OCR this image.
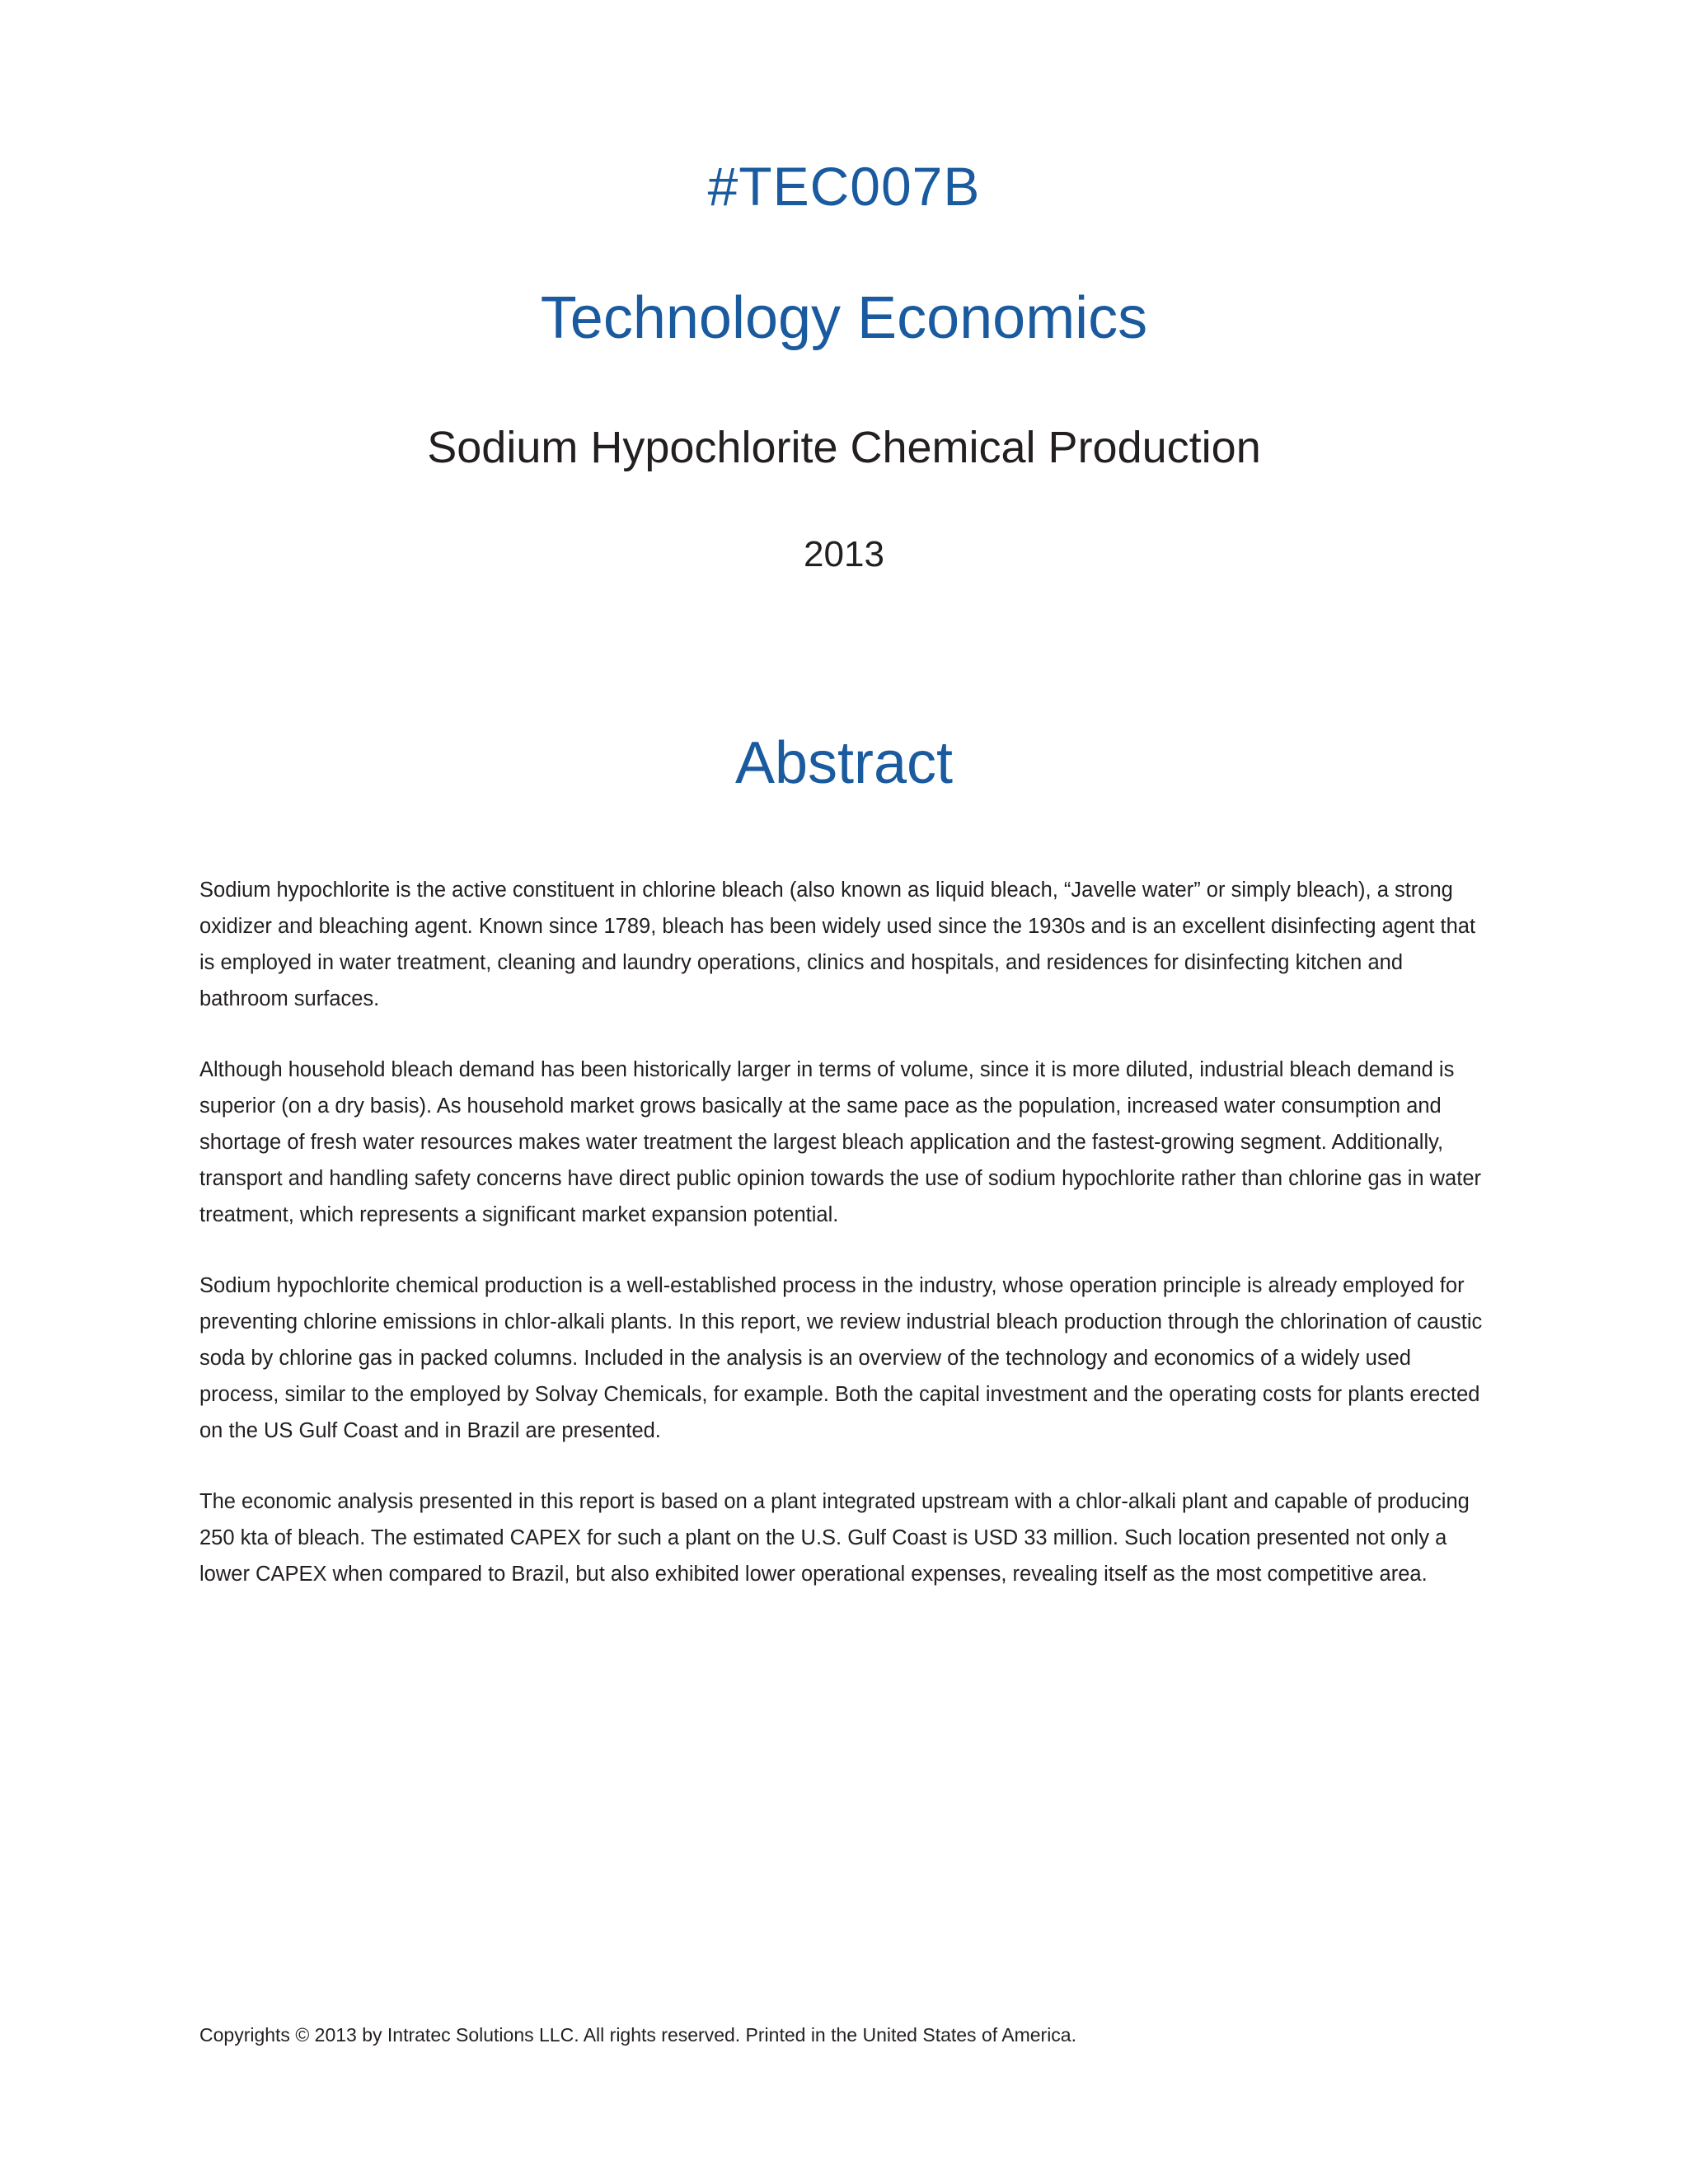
#TEC007B
Technology Economics
Sodium Hypochlorite Chemical Production
2013
Abstract

Sodium hypochlorite is the active constituent in chlorine bleach (also known as liquid bleach, “Javelle water” or simply bleach), a strong oxidizer and bleaching agent. Known since 1789, bleach has been widely used since the 1930s and is an excellent disinfecting agent that is employed in water treatment, cleaning and laundry operations, clinics and hospitals, and residences for disinfecting kitchen and bathroom surfaces.

Although household bleach demand has been historically larger in terms of volume, since it is more diluted, industrial bleach demand is superior (on a dry basis). As household market grows basically at the same pace as the population, increased water consumption and shortage of fresh water resources makes water treatment the largest bleach application and the fastest-growing segment. Additionally, transport and handling safety concerns have direct public opinion towards the use of sodium hypochlorite rather than chlorine gas in water treatment, which represents a significant market expansion potential.

Sodium hypochlorite chemical production is a well-established process in the industry, whose operation principle is already employed for preventing chlorine emissions in chlor-alkali plants. In this report, we review industrial bleach production through the chlorination of caustic soda by chlorine gas in packed columns. Included in the analysis is an overview of the technology and economics of a widely used process, similar to the employed by Solvay Chemicals, for example. Both the capital investment and the operating costs for plants erected on the US Gulf Coast and in Brazil are presented.

The economic analysis presented in this report is based on a plant integrated upstream with a chlor-alkali plant and capable of producing 250 kta of bleach. The estimated CAPEX for such a plant on the U.S. Gulf Coast is USD 33 million. Such location presented not only a lower CAPEX when compared to Brazil, but also exhibited lower operational expenses, revealing itself as the most competitive area.

Copyrights © 2013 by Intratec Solutions LLC. All rights reserved. Printed in the United States of America.
